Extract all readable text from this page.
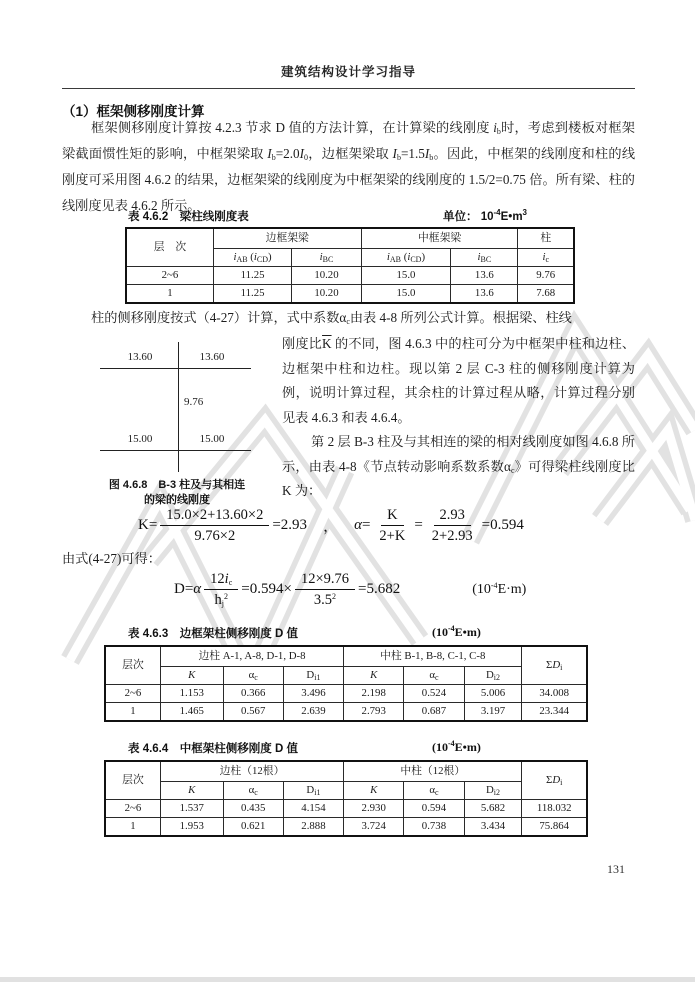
建筑结构设计学习指导
（1）框架侧移刚度计算
框架侧移刚度计算按 4.2.3 节求 D 值的方法计算，在计算梁的线刚度 $i_b$时，考虑到楼板对框架梁截面惯性矩的影响，中框架梁取 $I_b=2.0I_0$，边框架梁取 $I_b=1.5I_b$。因此，中框架的线刚度和柱的线刚度可采用图 4.6.2 的结果，边框架梁的线刚度为中框架梁的线刚度的 1.5/2=0.75 倍。所有梁、柱的线刚度见表 4.6.2 所示。
表 4.6.2　梁柱线刚度表	单位： $10^{-4}E•m^3$
层　次	边框架梁		中框架梁		柱
	$i_{AB}$ $(i_{CD})$	$i_{BC}$	$i_{AB}$ $(i_{CD})$	$i_{BC}$	$i_c$
2~6	11.25	10.20	15.0	13.6	9.76
1	11.25	10.20	15.0	13.6	7.68
柱的侧移刚度按式（4-27）计算，式中系数$\alpha_c$由表 4-8 所列公式计算。根据梁、柱线
13.60	13.60
9.76
15.00	15.00
图 4.6.8　B-3 柱及与其相连
的梁的线刚度
刚度比$\overline{K}$ 的不同，图 4.6.3 中的柱可分为中框架中柱和边柱、边框架中柱和边柱。现以第 2 层 C-3 柱的侧移刚度计算为例，说明计算过程，其余柱的计算过程从略，计算过程分别见表 4.6.3 和表 4.6.4。
第 2 层 B-3 柱及与其相连的梁的相对线刚度如图 4.6.8 所示，由表 4-8《节点转动影响系数系数$\alpha_c$》可得梁柱线刚度比 K 为：
$K= \frac{15.0\times 2+13.60\times 2}{9.76\times 2} =2.93$ ， $\alpha= \frac{K}{2+K} = \frac{2.93}{2+2.93} =0.594$
由式(4-27)可得：
$D=\alpha \frac{12i_c}{h_j^2} =0.594\times \frac{12\times 9.76}{3.5^2} =5.682$	$(10^{-4}E\cdot m)$
表 4.6.3　边框架柱侧移刚度 D 值	$(10^{-4}E•m)$
层次	边柱 A-1, A-8, D-1, D-8			中柱 B-1, B-8, C-1, C-8			$\Sigma D_i$
	K	$\alpha_c$	$D_{i1}$	K	$\alpha_c$	$D_{i2}$
2~6	1.153	0.366	3.496	2.198	0.524	5.006	34.008
1	1.465	0.567	2.639	2.793	0.687	3.197	23.344
表 4.6.4　中框架柱侧移刚度 D 值	$(10^{-4}E•m)$
层次	边柱（12根）			中柱（12根）			$\Sigma D_i$
	K	$\alpha_c$	$D_{i1}$	K	$\alpha_c$	$D_{i2}$
2~6	1.537	0.435	4.154	2.930	0.594	5.682	118.032
1	1.953	0.621	2.888	3.724	0.738	3.434	75.864
131
